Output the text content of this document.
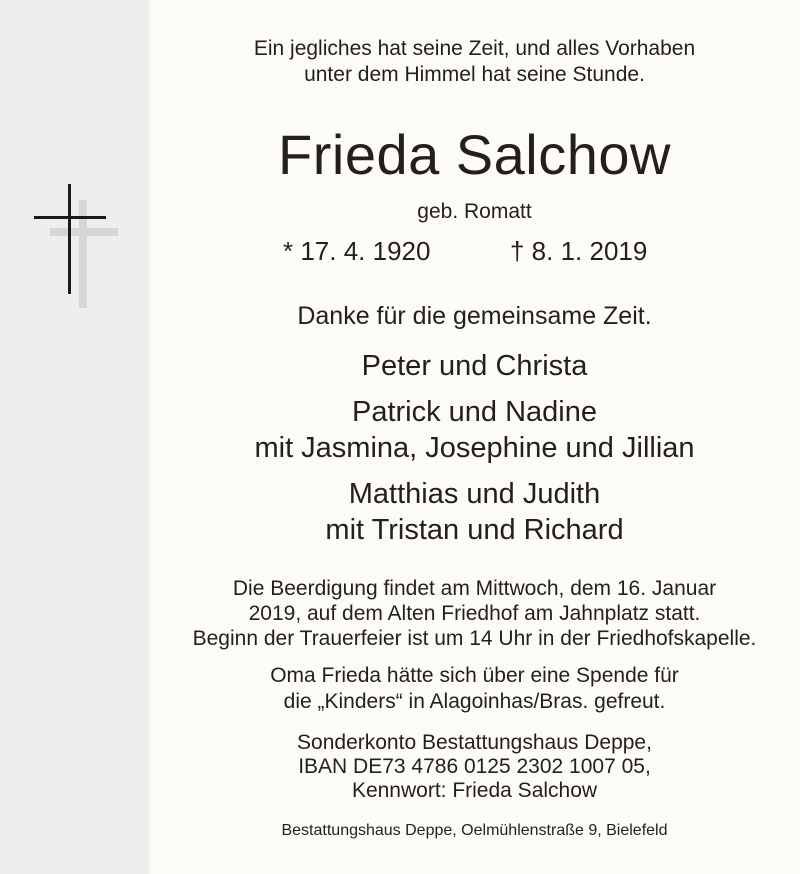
Ein jegliches hat seine Zeit, und alles Vorhaben
unter dem Himmel hat seine Stunde.
Frieda Salchow
geb. Romatt
* 17. 4. 1920	† 8. 1. 2019
Danke für die gemeinsame Zeit.
Peter und Christa
Patrick und Nadine
mit Jasmina, Josephine und Jillian
Matthias und Judith
mit Tristan und Richard
Die Beerdigung findet am Mittwoch, dem 16. Januar
2019, auf dem Alten Friedhof am Jahnplatz statt.
Beginn der Trauerfeier ist um 14 Uhr in der Friedhofskapelle.
Oma Frieda hätte sich über eine Spende für
die „Kinders“ in Alagoinhas/Bras. gefreut.
Sonderkonto Bestattungshaus Deppe,
IBAN DE73 4786 0125 2302 1007 05,
Kennwort: Frieda Salchow
Bestattungshaus Deppe, Oelmühlenstraße 9, Bielefeld
